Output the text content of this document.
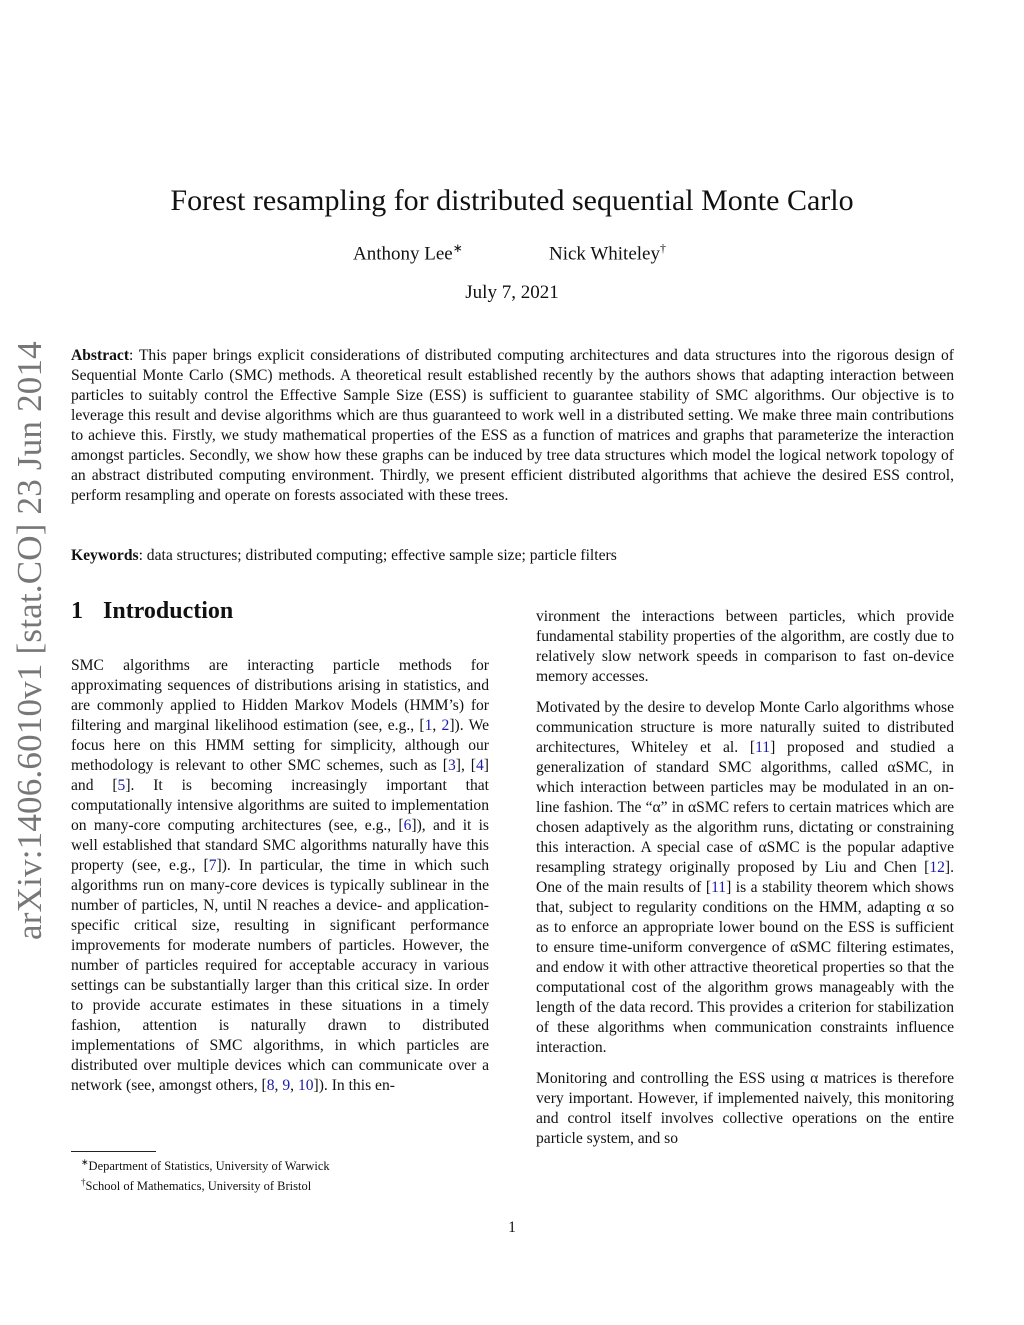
arXiv:1406.6010v1 [stat.CO] 23 Jun 2014
Forest resampling for distributed sequential Monte Carlo
Anthony Lee∗	Nick Whiteley†
July 7, 2021

Abstract: This paper brings explicit considerations of distributed computing architectures and data structures into the rigorous design of Sequential Monte Carlo (SMC) methods. A theoretical result established recently by the authors shows that adapting interaction between particles to suitably control the Effective Sample Size (ESS) is sufficient to guarantee stability of SMC algorithms. Our objective is to leverage this result and devise algorithms which are thus guaranteed to work well in a distributed setting. We make three main contributions to achieve this. Firstly, we study mathematical properties of the ESS as a function of matrices and graphs that parameterize the interaction amongst particles. Secondly, we show how these graphs can be induced by tree data structures which model the logical network topology of an abstract distributed computing environment. Thirdly, we present efficient distributed algorithms that achieve the desired ESS control, perform resampling and operate on forests associated with these trees.

Keywords: data structures; distributed computing; effective sample size; particle filters

1 Introduction

SMC algorithms are interacting particle methods for approximating sequences of distributions arising in statistics, and are commonly applied to Hidden Markov Models (HMM’s) for filtering and marginal likelihood estimation (see, e.g., [1, 2]). We focus here on this HMM setting for simplicity, although our methodology is relevant to other SMC schemes, such as [3], [4] and [5]. It is becoming increasingly important that computationally intensive algorithms are suited to implementation on many-core computing architectures (see, e.g., [6]), and it is well established that standard SMC algorithms naturally have this property (see, e.g., [7]). In particular, the time in which such algorithms run on many-core devices is typically sublinear in the number of particles, N, until N reaches a device- and application-specific critical size, resulting in significant performance improvements for moderate numbers of particles. However, the number of particles required for acceptable accuracy in various settings can be substantially larger than this critical size. In order to provide accurate estimates in these situations in a timely fashion, attention is naturally drawn to distributed implementations of SMC algorithms, in which particles are distributed over multiple devices which can communicate over a network (see, amongst others, [8, 9, 10]). In this en-

vironment the interactions between particles, which provide fundamental stability properties of the algorithm, are costly due to relatively slow network speeds in comparison to fast on-device memory accesses.

Motivated by the desire to develop Monte Carlo algorithms whose communication structure is more naturally suited to distributed architectures, Whiteley et al. [11] proposed and studied a generalization of standard SMC algorithms, called αSMC, in which interaction between particles may be modulated in an on-line fashion. The “α” in αSMC refers to certain matrices which are chosen adaptively as the algorithm runs, dictating or constraining this interaction. A special case of αSMC is the popular adaptive resampling strategy originally proposed by Liu and Chen [12]. One of the main results of [11] is a stability theorem which shows that, subject to regularity conditions on the HMM, adapting α so as to enforce an appropriate lower bound on the ESS is sufficient to ensure time-uniform convergence of αSMC filtering estimates, and endow it with other attractive theoretical properties so that the computational cost of the algorithm grows manageably with the length of the data record. This provides a criterion for stabilization of these algorithms when communication constraints influence interaction.

Monitoring and controlling the ESS using α matrices is therefore very important. However, if implemented naively, this monitoring and control itself involves collective operations on the entire particle system, and so

∗Department of Statistics, University of Warwick
†School of Mathematics, University of Bristol
1
